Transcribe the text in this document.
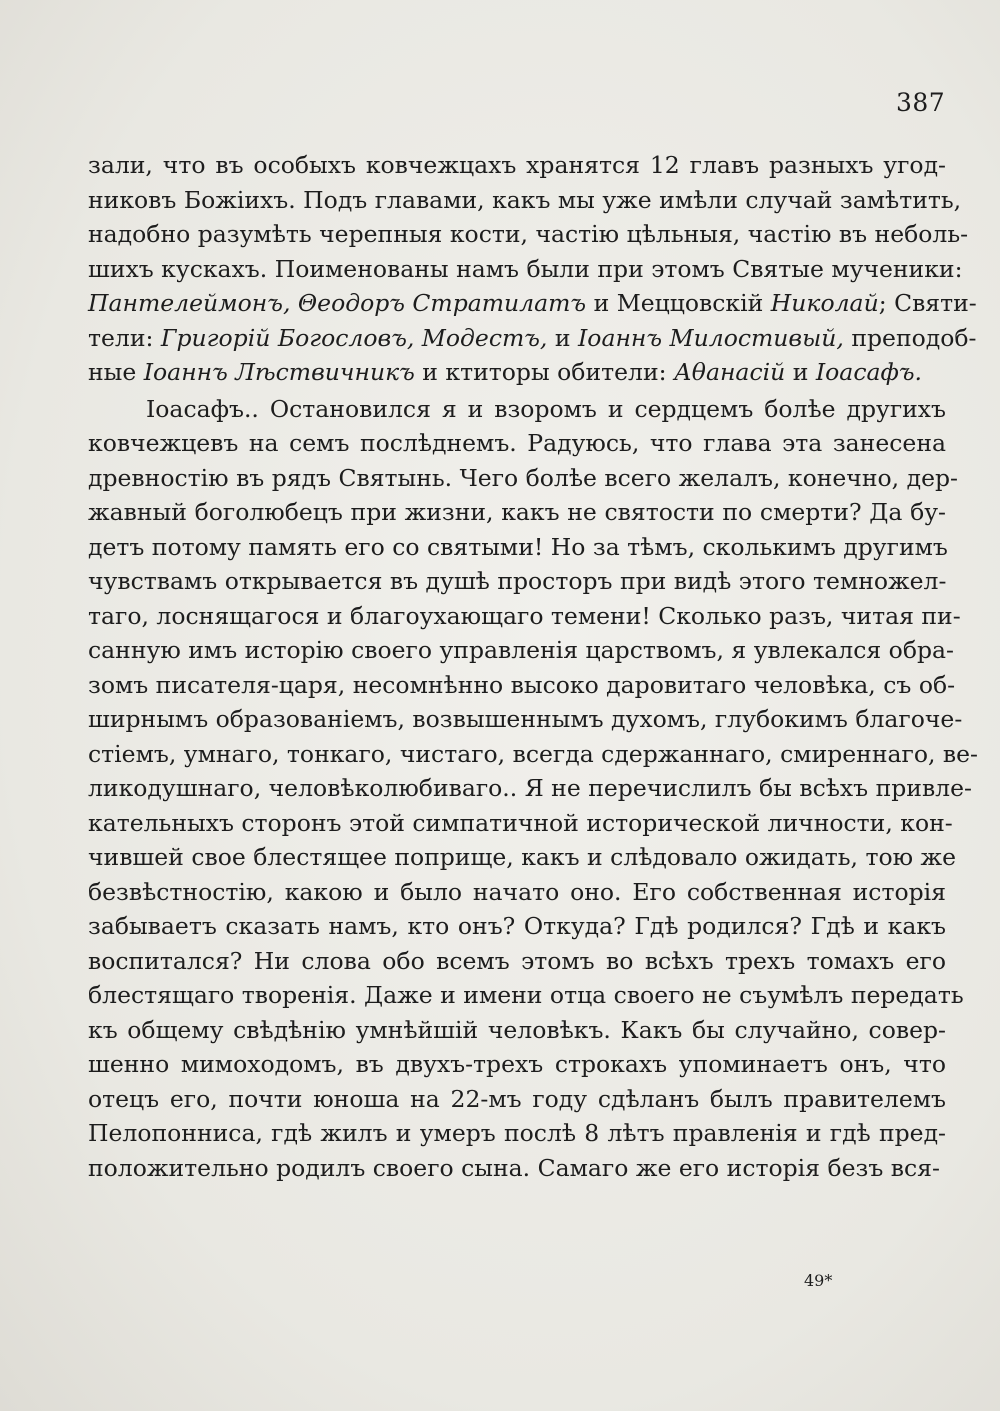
387
зали, что въ особыхъ ковчежцахъ хранятся 12 главъ разныхъ угод-
никовъ Божiихъ. Подъ главами, какъ мы уже имѣли случай замѣтить,
надобно разумѣть черепныя кости, частiю цѣльныя, частiю въ неболь-
шихъ кускахъ. Поименованы намъ были при этомъ Святые мученики:
Пантелеймонъ, Θеодоръ Стратилатъ и Меццовскiй Николай; Святи-
тели: Григорiй Богословъ, Модестъ, и Iоаннъ Милостивый, преподоб-
ные Iоаннъ Лѣствичникъ и ктиторы обители: Аθанасiй и Iоасафъ.
Iоасафъ.. Остановился я и взоромъ и сердцемъ болѣе другихъ
ковчежцевъ на семъ послѣднемъ. Радуюсь, что глава эта занесена
древностiю въ рядъ Святынь. Чего болѣе всего желалъ, конечно, дер-
жавный боголюбецъ при жизни, какъ не святости по смерти? Да бу-
детъ потому память его со святыми! Но за тѣмъ, сколькимъ другимъ
чувствамъ открывается въ душѣ просторъ при видѣ этого темножел-
таго, лоснящагося и благоухающаго темени! Сколько разъ, читая пи-
санную имъ исторiю своего управленiя царствомъ, я увлекался обра-
зомъ писателя-царя, несомнѣнно высоко даровитаго человѣка, съ об-
ширнымъ образованiемъ, возвышеннымъ духомъ, глубокимъ благоче-
стiемъ, умнаго, тонкаго, чистаго, всегда сдержаннаго, смиреннаго, ве-
ликодушнаго, человѣколюбиваго.. Я не перечислилъ бы всѣхъ привле-
кательныхъ сторонъ этой симпатичной исторической личности, кон-
чившей свое блестящее поприще, какъ и слѣдовало ожидать, тою же
безвѣстностiю, какою и было начато оно. Его собственная исторiя
забываетъ сказать намъ, кто онъ? Откуда? Гдѣ родился? Гдѣ и какъ
воспитался? Ни слова обо всемъ этомъ во всѣхъ трехъ томахъ его
блестящаго творенiя. Даже и имени отца своего не съумѣлъ передать
къ общему свѣдѣнiю умнѣйшiй человѣкъ. Какъ бы случайно, совер-
шенно мимоходомъ, въ двухъ-трехъ строкахъ упоминаетъ онъ, что
отецъ его, почти юноша на 22-мъ году сдѣланъ былъ правителемъ
Пелопонниса, гдѣ жилъ и умеръ послѣ 8 лѣтъ правленiя и гдѣ пред-
положительно родилъ своего сына. Самаго же его исторiя безъ вся-
49*
